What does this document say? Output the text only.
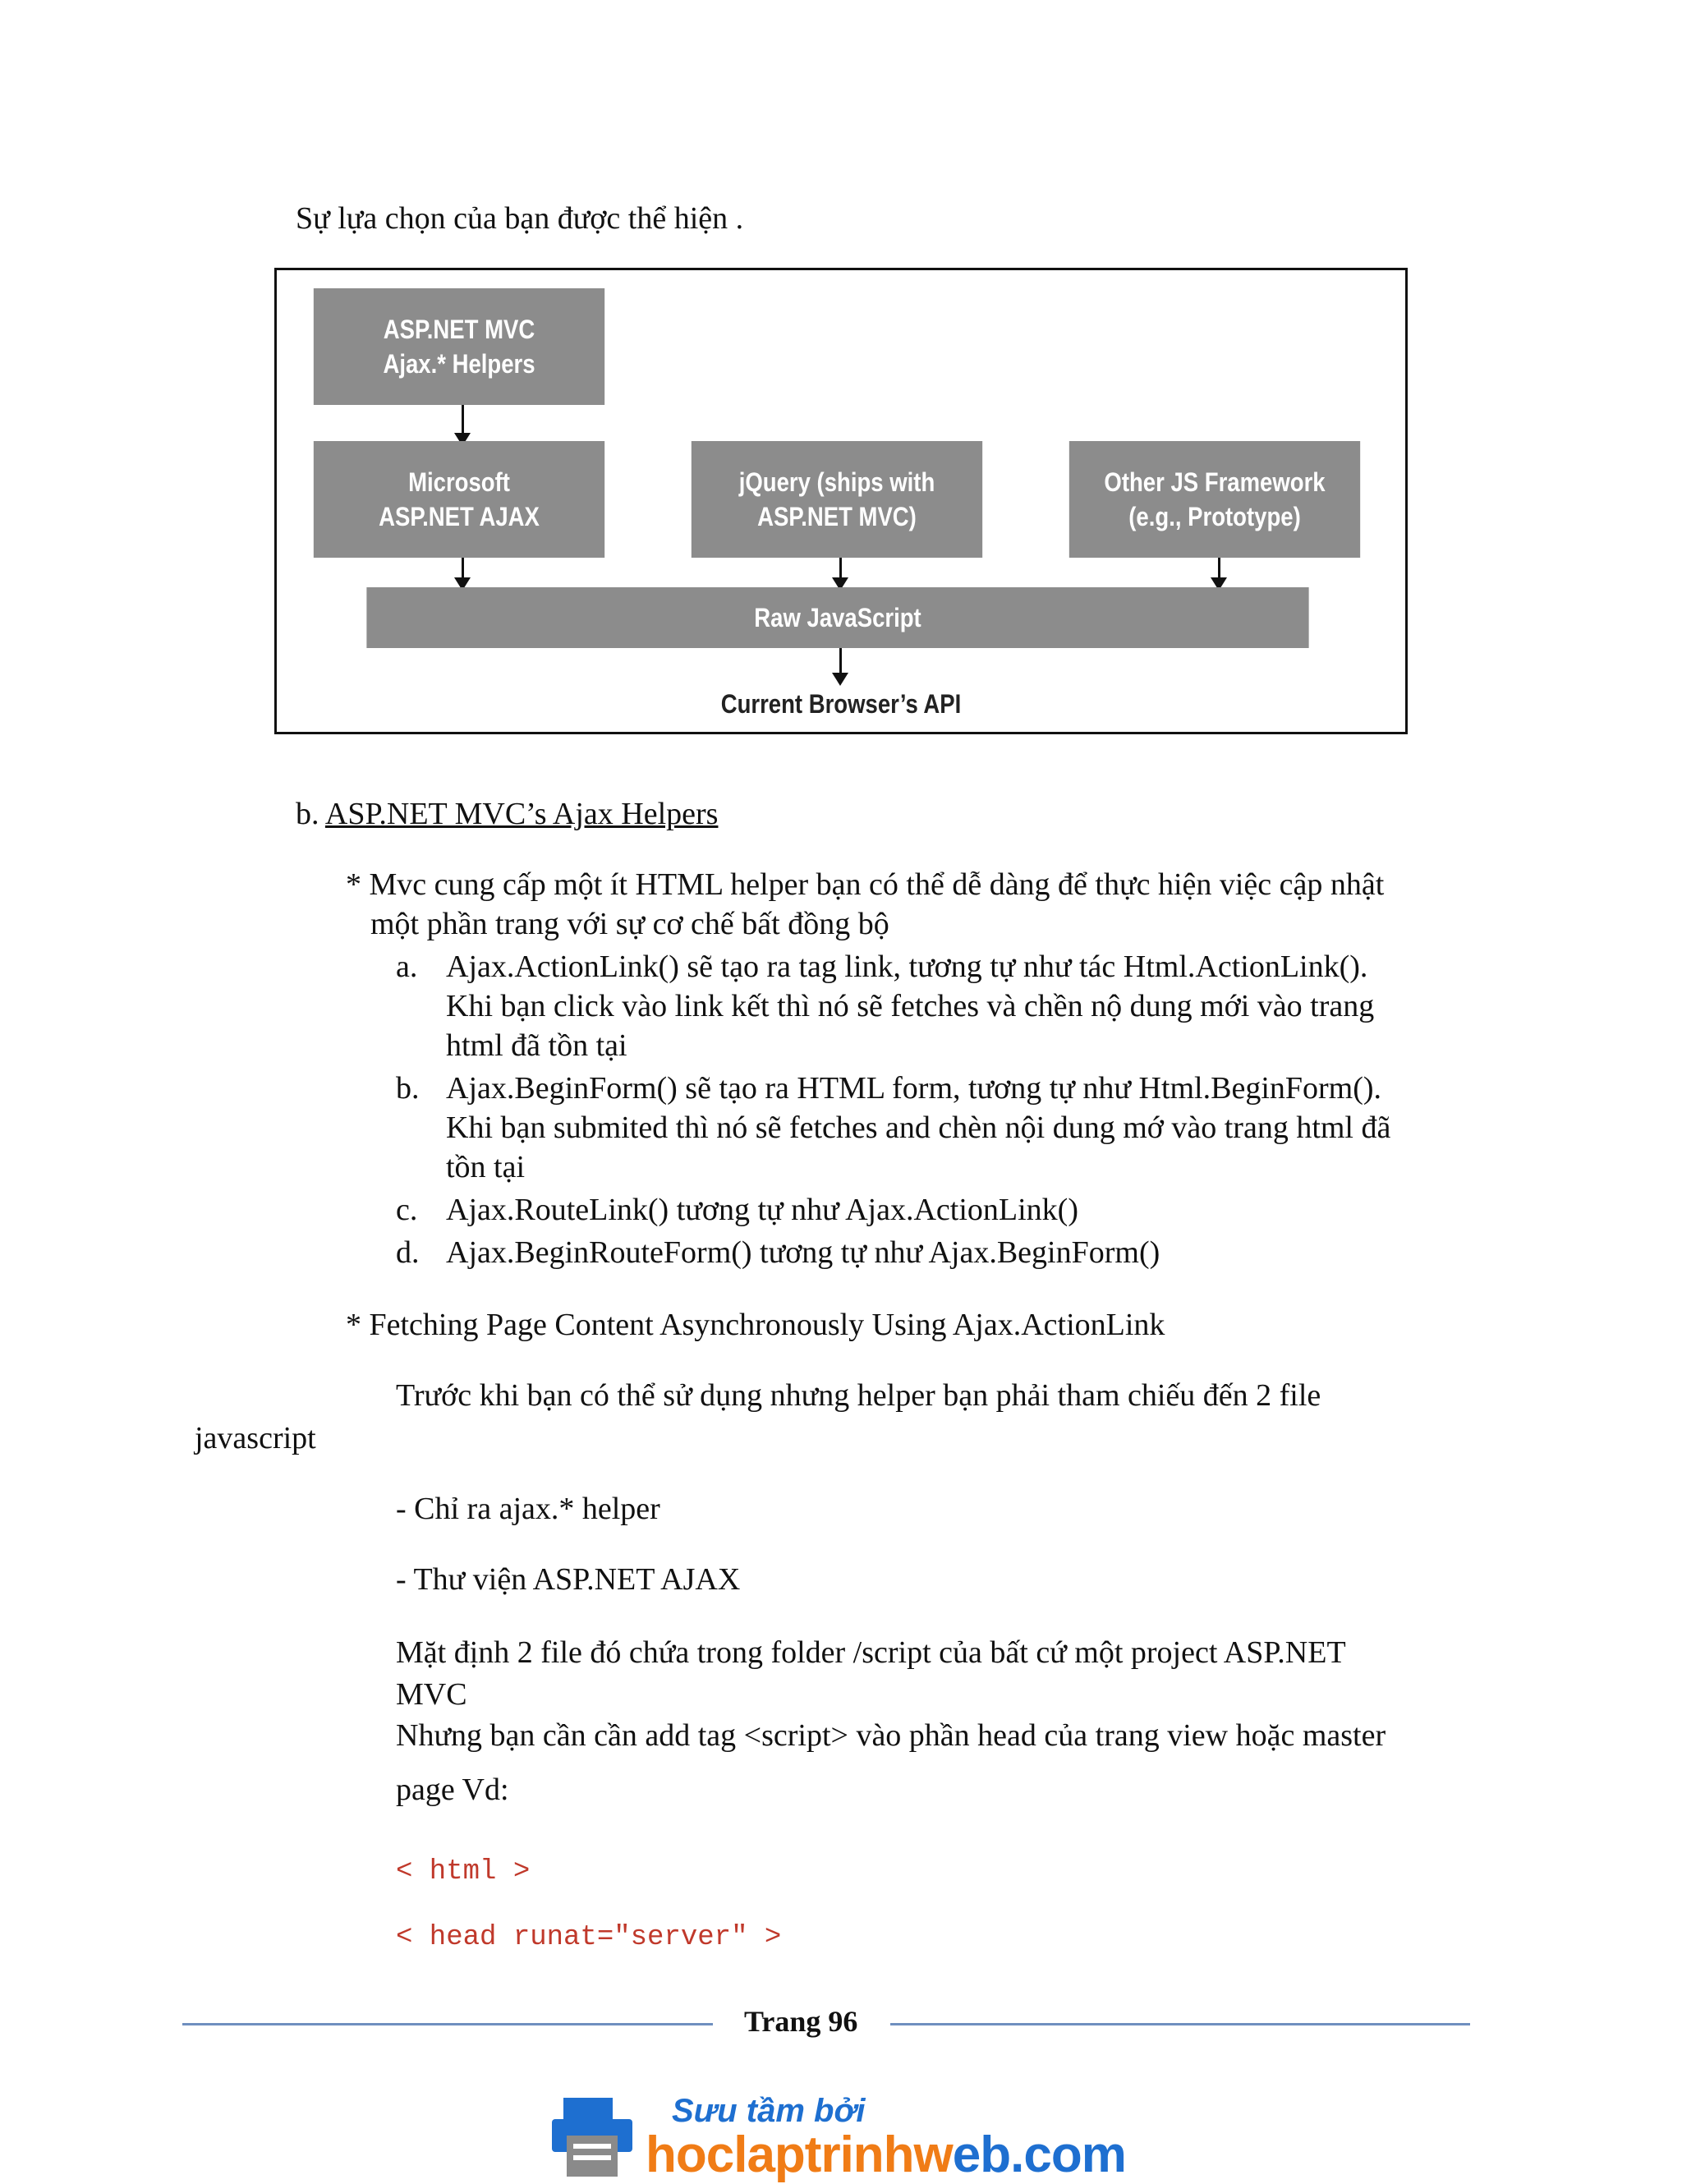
Sự lựa chọn của bạn được thể hiện .
ASP.NET MVC
Ajax.* Helpers
Microsoft
ASP.NET AJAX
jQuery (ships with
ASP.NET MVC)
Other JS Framework
(e.g., Prototype)
Raw JavaScript
Current Browser’s API
b. ASP.NET MVC’s Ajax Helpers
* Mvc cung cấp một ít HTML helper bạn có thể dễ dàng để thực hiện việc cập nhật
một phần trang với sự cơ chế bất đồng bộ
a. Ajax.ActionLink() sẽ tạo ra tag link, tương tự như tác Html.ActionLink().
Khi bạn click vào link kết thì nó sẽ fetches và chền nộ dung mới vào trang
html đã tồn tại
b. Ajax.BeginForm() sẽ tạo ra HTML form, tương tự như Html.BeginForm().
Khi bạn submited thì nó sẽ fetches and chèn nội dung mớ vào trang html đã
tồn tại
c. Ajax.RouteLink() tương tự như Ajax.ActionLink()
d. Ajax.BeginRouteForm() tương tự như Ajax.BeginForm()
* Fetching Page Content Asynchronously Using Ajax.ActionLink
Trước khi bạn có thể sử dụng nhưng helper bạn phải tham chiếu đến 2 file
javascript
- Chỉ ra ajax.* helper
- Thư viện ASP.NET AJAX
Mặt định 2 file đó chứa trong folder /script của bất cứ một project ASP.NET
MVC
Nhưng bạn cần cần add tag <script> vào phần head của trang view hoặc master
page Vd:
< html >
< head runat="server" >
Trang 96
Sưu tầm bởi
hoclaptrinhweb.com
